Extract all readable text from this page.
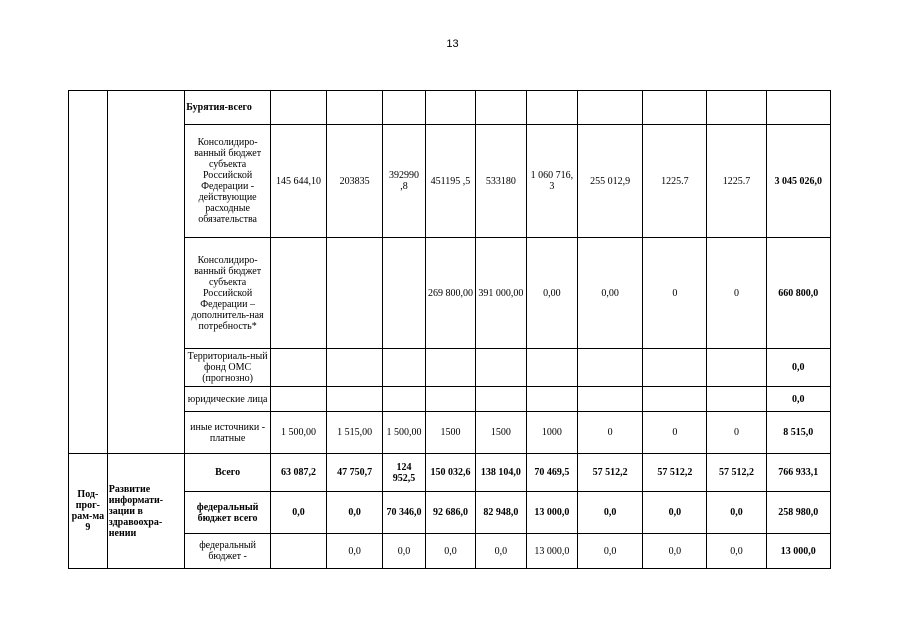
13
		Бурятия-всего										
		Консолидиро-ванный бюджет субъекта Российской Федерации - действующие расходные обязательства	145 644,10	203835	392990 ,8	451195 ,5	533180	1 060 716, 3	255 012,9	1225.7	1225.7	3 045 026,0
		Консолидиро-ванный бюджет субъекта Российской Федерации – дополнитель-ная потребность*				269 800,00	391 000,00	0,00	0,00	0	0	660 800,0
		Территориаль-ный фонд ОМС (прогнозно)										0,0
		юридические лица										0,0
		иные источники - платные	1 500,00	1 515,00	1 500,00	1500	1500	1000	0	0	0	8 515,0
Под-прог-рам-ма 9	Развитие информати-зации в здравоохра-нении	Всего	63 087,2	47 750,7	124 952,5	150 032,6	138 104,0	70 469,5	57 512,2	57 512,2	57 512,2	766 933,1
		федеральный бюджет всего	0,0	0,0	70 346,0	92 686,0	82 948,0	13 000,0	0,0	0,0	0,0	258 980,0
		федеральный бюджет -		0,0	0,0	0,0	0,0	13 000,0	0,0	0,0	0,0	13 000,0
